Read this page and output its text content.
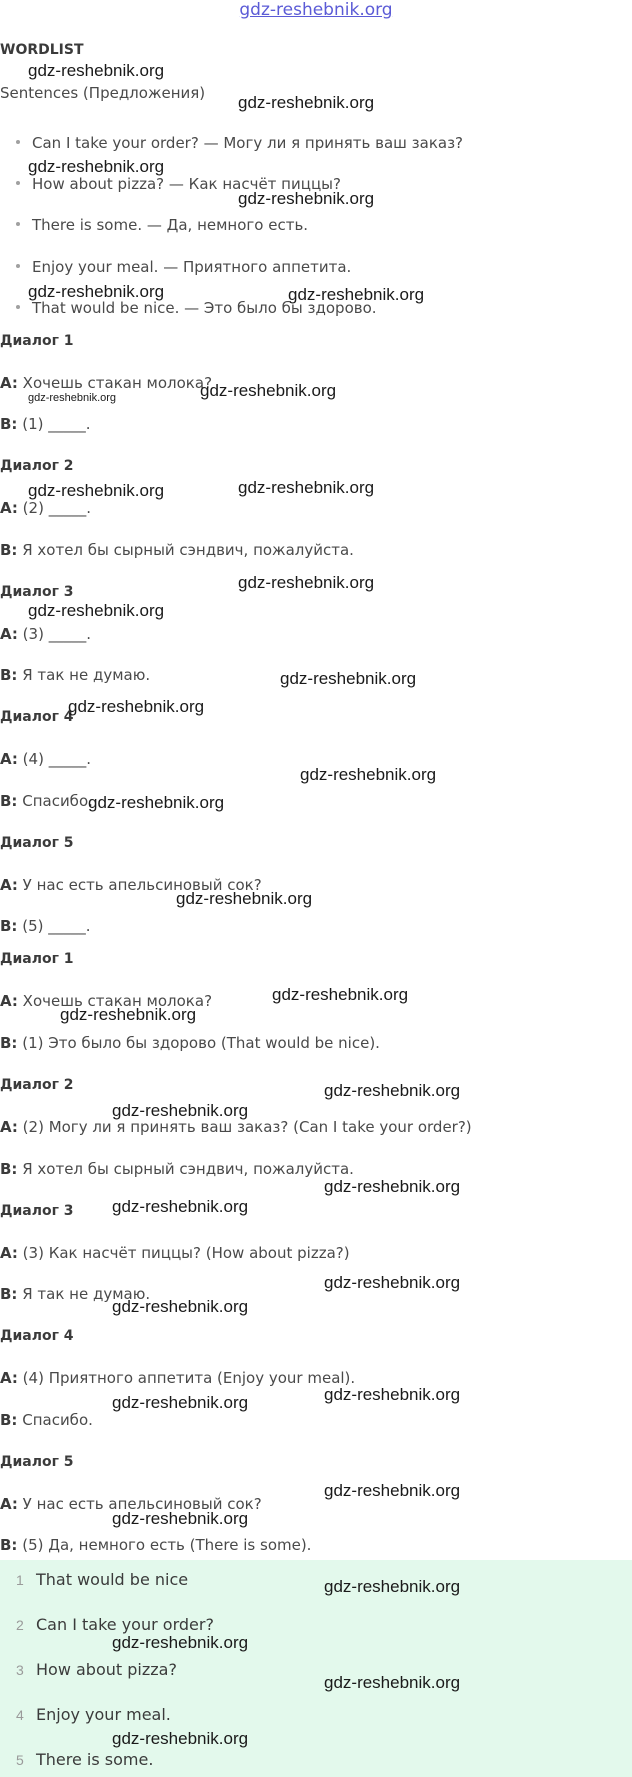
gdz-reshebnik.org
WORDLIST
Sentences (Предложения)
Can I take your order? — Могу ли я принять ваш заказ?
How about pizza? — Как насчёт пиццы?
There is some. — Да, немного есть.
Enjoy your meal. — Приятного аппетита.
That would be nice. — Это было бы здорово.
Диалог 1
A: Хочешь стакан молока?
B: (1) _____.
Диалог 2
A: (2) _____.
B: Я хотел бы сырный сэндвич, пожалуйста.
Диалог 3
A: (3) _____.
B: Я так не думаю.
Диалог 4
A: (4) _____.
B: Спасибо.
Диалог 5
A: У нас есть апельсиновый сок?
B: (5) _____.
Диалог 1
A: Хочешь стакан молока?
B: (1) Это было бы здорово (That would be nice).
Диалог 2
A: (2) Могу ли я принять ваш заказ? (Can I take your order?)
B: Я хотел бы сырный сэндвич, пожалуйста.
Диалог 3
A: (3) Как насчёт пиццы? (How about pizza?)
B: Я так не думаю.
Диалог 4
A: (4) Приятного аппетита (Enjoy your meal).
B: Спасибо.
Диалог 5
A: У нас есть апельсиновый сок?
B: (5) Да, немного есть (There is some).
1 That would be nice
2 Can I take your order?
3 How about pizza?
4 Enjoy your meal.
5 There is some.
gdz-reshebnik.org
gdz-reshebnik.org
gdz-reshebnik.org
gdz-reshebnik.org
gdz-reshebnik.org	gdz-reshebnik.org
gdz-reshebnik.org	gdz-reshebnik.org
gdz-reshebnik.org	gdz-reshebnik.org
gdz-reshebnik.org
gdz-reshebnik.org
gdz-reshebnik.org
gdz-reshebnik.org
gdz-reshebnik.org
gdz-reshebnik.org
gdz-reshebnik.org
gdz-reshebnik.org
gdz-reshebnik.org
gdz-reshebnik.org
gdz-reshebnik.org
gdz-reshebnik.org
gdz-reshebnik.org
gdz-reshebnik.org
gdz-reshebnik.org
gdz-reshebnik.org	gdz-reshebnik.org
gdz-reshebnik.org
gdz-reshebnik.org
gdz-reshebnik.org
gdz-reshebnik.org
gdz-reshebnik.org
gdz-reshebnik.org
